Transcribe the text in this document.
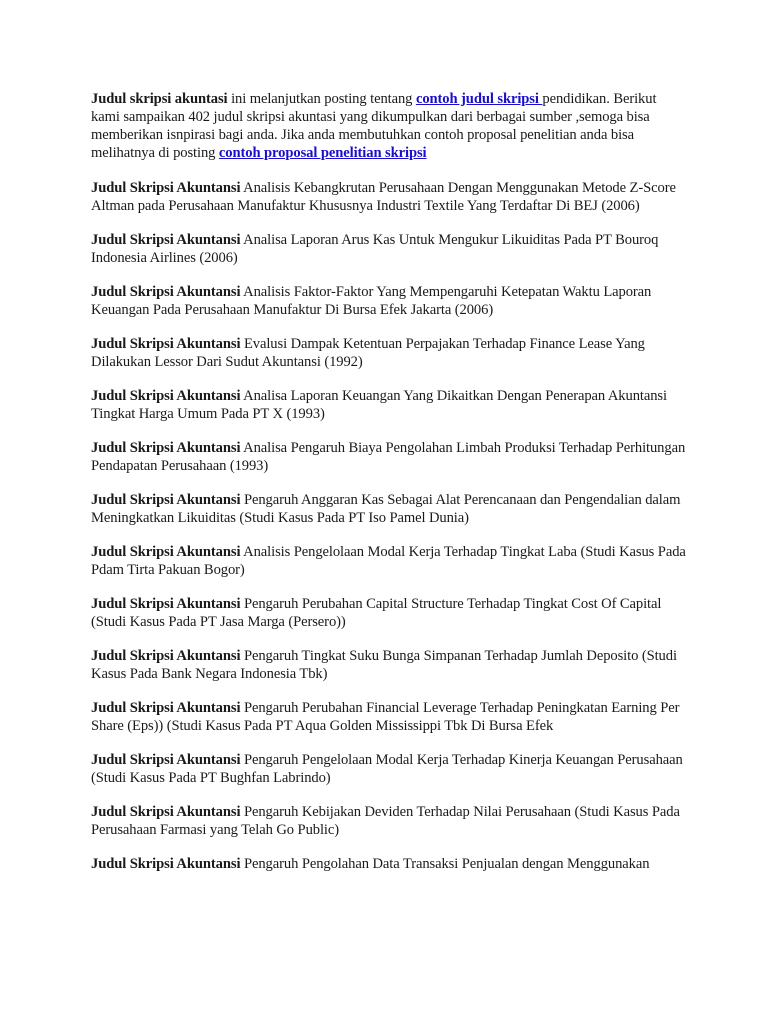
Judul skripsi akuntasi ini melanjutkan posting tentang contoh judul skripsi pendidikan. Berikut kami sampaikan 402 judul skripsi akuntasi yang dikumpulkan dari berbagai sumber ,semoga bisa memberikan isnpirasi bagi anda. Jika anda membutuhkan contoh proposal penelitian anda bisa melihatnya di posting contoh proposal penelitian skripsi

Judul Skripsi Akuntansi Analisis Kebangkrutan Perusahaan Dengan Menggunakan Metode Z-Score Altman pada Perusahaan Manufaktur Khususnya Industri Textile Yang Terdaftar Di BEJ (2006)

Judul Skripsi Akuntansi Analisa Laporan Arus Kas Untuk Mengukur Likuiditas Pada PT Bouroq Indonesia Airlines (2006)

Judul Skripsi Akuntansi Analisis Faktor-Faktor Yang Mempengaruhi Ketepatan Waktu Laporan Keuangan Pada Perusahaan Manufaktur Di Bursa Efek Jakarta (2006)

Judul Skripsi Akuntansi Evalusi Dampak Ketentuan Perpajakan Terhadap Finance Lease Yang Dilakukan Lessor Dari Sudut Akuntansi (1992)

Judul Skripsi Akuntansi Analisa Laporan Keuangan Yang Dikaitkan Dengan Penerapan Akuntansi Tingkat Harga Umum Pada PT X (1993)

Judul Skripsi Akuntansi Analisa Pengaruh Biaya Pengolahan Limbah Produksi Terhadap Perhitungan Pendapatan Perusahaan (1993)

Judul Skripsi Akuntansi Pengaruh Anggaran Kas Sebagai Alat Perencanaan dan Pengendalian dalam Meningkatkan Likuiditas (Studi Kasus Pada PT Iso Pamel Dunia)

Judul Skripsi Akuntansi Analisis Pengelolaan Modal Kerja Terhadap Tingkat Laba (Studi Kasus Pada Pdam Tirta Pakuan Bogor)

Judul Skripsi Akuntansi Pengaruh Perubahan Capital Structure Terhadap Tingkat Cost Of Capital (Studi Kasus Pada PT Jasa Marga (Persero))

Judul Skripsi Akuntansi Pengaruh Tingkat Suku Bunga Simpanan Terhadap Jumlah Deposito (Studi Kasus Pada Bank Negara Indonesia Tbk)

Judul Skripsi Akuntansi Pengaruh Perubahan Financial Leverage Terhadap Peningkatan Earning Per Share (Eps)) (Studi Kasus Pada PT Aqua Golden Mississippi Tbk Di Bursa Efek

Judul Skripsi Akuntansi Pengaruh Pengelolaan Modal Kerja Terhadap Kinerja Keuangan Perusahaan (Studi Kasus Pada PT Bughfan Labrindo)

Judul Skripsi Akuntansi Pengaruh Kebijakan Deviden Terhadap Nilai Perusahaan (Studi Kasus Pada Perusahaan Farmasi yang Telah Go Public)

Judul Skripsi Akuntansi Pengaruh Pengolahan Data Transaksi Penjualan dengan Menggunakan
